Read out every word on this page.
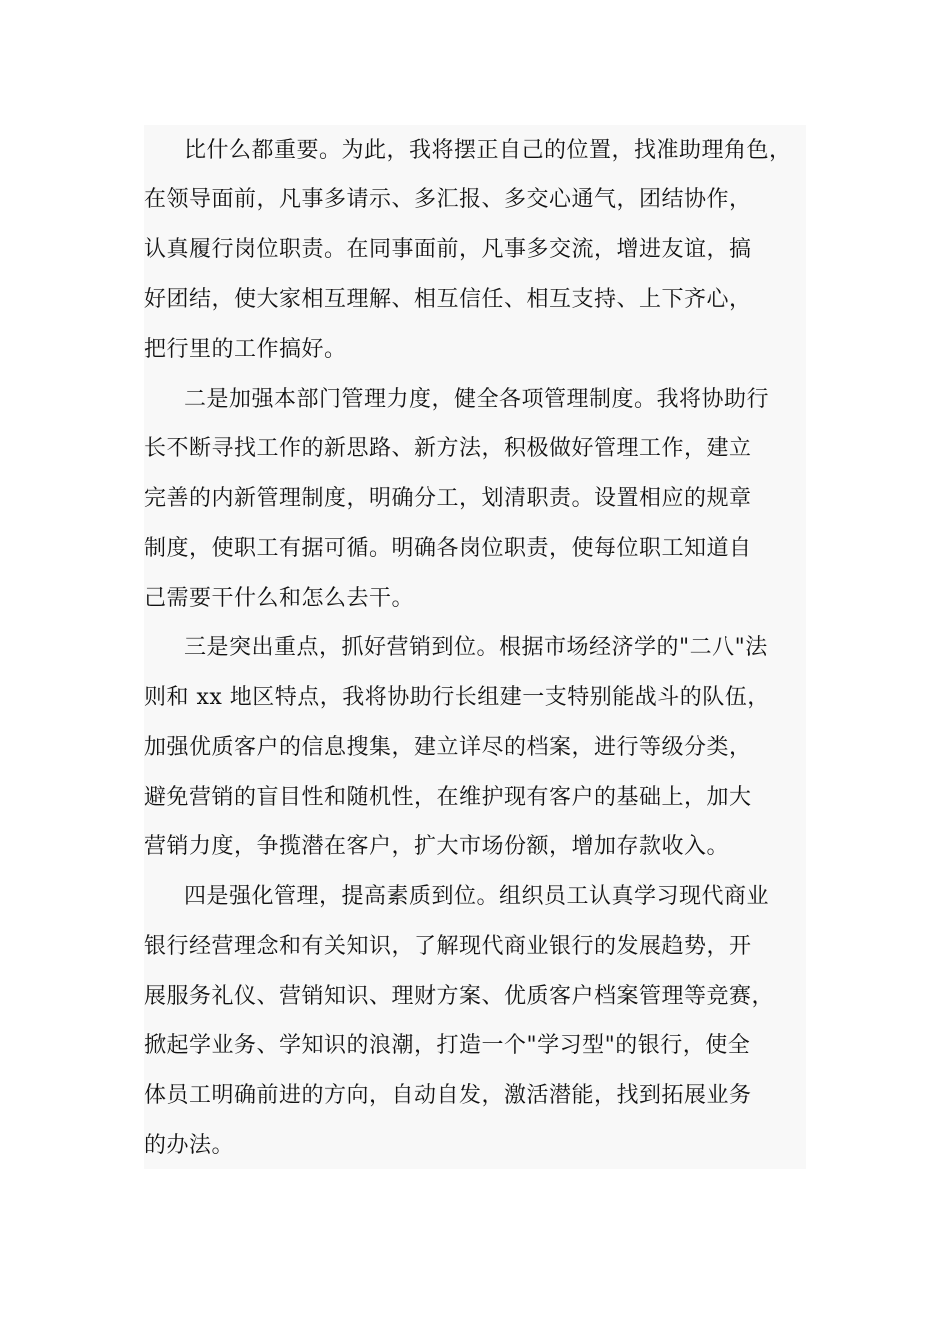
比什么都重要。为此，我将摆正自己的位置，找准助理角色，
在领导面前，凡事多请示、多汇报、多交心通气，团结协作，
认真履行岗位职责。在同事面前，凡事多交流，增进友谊，搞
好团结，使大家相互理解、相互信任、相互支持、上下齐心，
把行里的工作搞好。
二是加强本部门管理力度，健全各项管理制度。我将协助行
长不断寻找工作的新思路、新方法，积极做好管理工作，建立
完善的内新管理制度，明确分工，划清职责。设置相应的规章
制度，使职工有据可循。明确各岗位职责，使每位职工知道自
己需要干什么和怎么去干。
三是突出重点，抓好营销到位。根据市场经济学的"二八"法
则和 xx 地区特点，我将协助行长组建一支特别能战斗的队伍，
加强优质客户的信息搜集，建立详尽的档案，进行等级分类，
避免营销的盲目性和随机性，在维护现有客户的基础上，加大
营销力度，争揽潜在客户，扩大市场份额，增加存款收入。
四是强化管理，提高素质到位。组织员工认真学习现代商业
银行经营理念和有关知识，了解现代商业银行的发展趋势，开
展服务礼仪、营销知识、理财方案、优质客户档案管理等竞赛，
掀起学业务、学知识的浪潮，打造一个"学习型"的银行，使全
体员工明确前进的方向，自动自发，激活潜能，找到拓展业务
的办法。
